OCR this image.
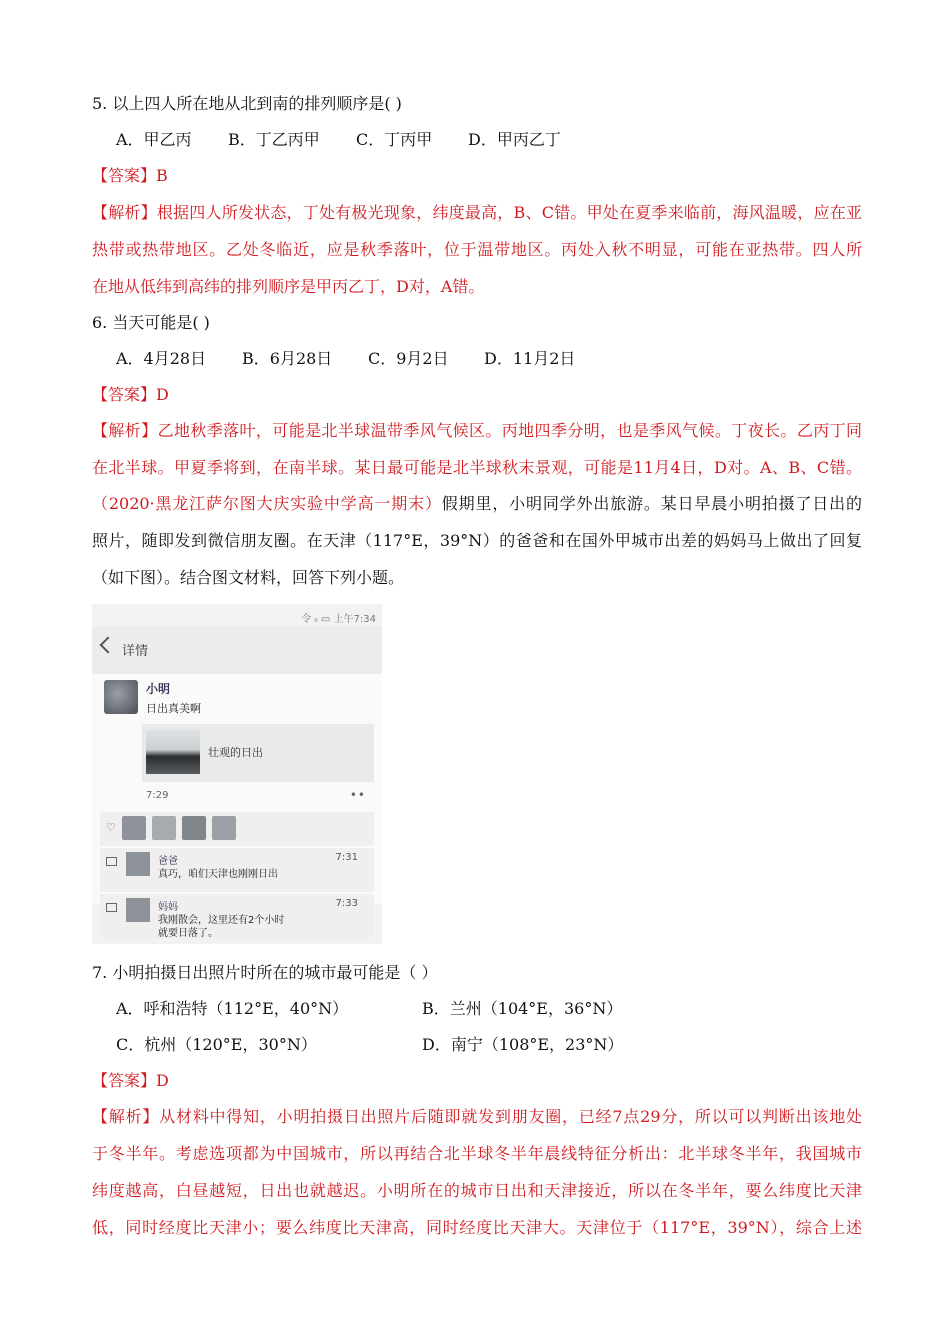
5. 以上四人所在地从北到南的排列顺序是( )
A．甲乙丙 B．丁乙丙甲 C．丁丙甲 D．甲丙乙丁
【答案】B
【解析】根据四人所发状态，丁处有极光现象，纬度最高，B、C错。甲处在夏季来临前，海风温暖，应在亚
热带或热带地区。乙处冬临近，应是秋季落叶，位于温带地区。丙处入秋不明显，可能在亚热带。四人所
在地从低纬到高纬的排列顺序是甲丙乙丁，D对，A错。
6. 当天可能是( )
A．4月28日 B．6月28日 C．9月2日 D．11月2日
【答案】D
【解析】乙地秋季落叶，可能是北半球温带季风气候区。丙地四季分明，也是季风气候。丁夜长。乙丙丁同
在北半球。甲夏季将到，在南半球。某日最可能是北半球秋末景观，可能是11月4日，D对。A、B、C错。
（2020·黑龙江萨尔图大庆实验中学高一期末）假期里，小明同学外出旅游。某日早晨小明拍摄了日出的
照片，随即发到微信朋友圈。在天津（117°E，39°N）的爸爸和在国外甲城市出差的妈妈马上做出了回复
（如下图）。结合图文材料，回答下列小题。
令 ᵢₗ ▭ 上午7:34
详情
小明
日出真美啊
壮观的日出
7:29	••
♡
爸爸	7:31
真巧，咱们天津也刚刚日出
妈妈	7:33
我刚散会，这里还有2个小时
就要日落了。
7. 小明拍摄日出照片时所在的城市最可能是（ ）
A．呼和浩特（112°E，40°N）	B．兰州（104°E，36°N）
C．杭州（120°E，30°N）	D．南宁（108°E，23°N）
【答案】D
【解析】从材料中得知，小明拍摄日出照片后随即就发到朋友圈，已经7点29分，所以可以判断出该地处
于冬半年。考虑选项都为中国城市，所以再结合北半球冬半年晨线特征分析出：北半球冬半年，我国城市
纬度越高，白昼越短，日出也就越迟。小明所在的城市日出和天津接近，所以在冬半年，要么纬度比天津
低，同时经度比天津小；要么纬度比天津高，同时经度比天津大。天津位于（117°E，39°N），综合上述
